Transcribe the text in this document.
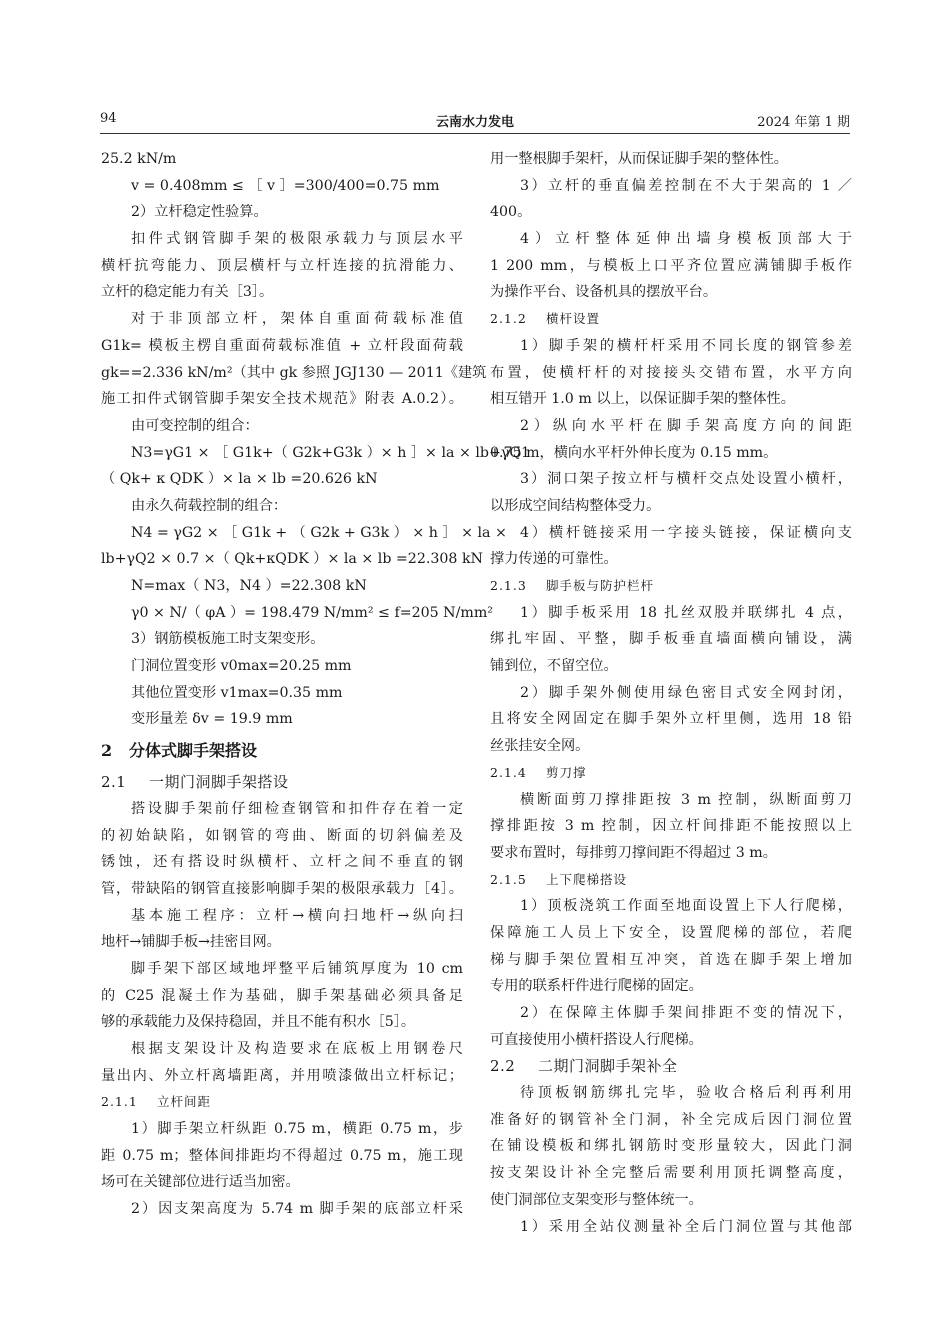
94	云南水力发电	2024 年第 1 期
25.2 kN/m
v = 0.408mm ≤ ［ v ］=300/400=0.75 mm
2）立杆稳定性验算。
扣件式钢管脚手架的极限承载力与顶层水平
横杆抗弯能力、顶层横杆与立杆连接的抗滑能力、
立杆的稳定能力有关［3］。
对于非顶部立杆，架体自重面荷载标准值
G1k= 模板主楞自重面荷载标准值 + 立杆段面荷载
gk==2.336 kN/m²（其中 gk 参照 JGJ130 — 2011《建筑
施工扣件式钢管脚手架安全技术规范》附表 A.0.2）。
由可变控制的组合：
N3=γG1 × ［ G1k+（ G2k+G3k ）× h ］× la × lb+γQ1
（ Qk+ κ QDK ）× la × lb =20.626 kN
由永久荷载控制的组合：
N4 = γG2 × ［ G1k + （ G2k + G3k ） × h ］ × la ×
lb+γQ2 × 0.7 ×（ Qk+κQDK ）× la × lb =22.308 kN
N=max（ N3，N4 ）=22.308 kN
γ0 × N/（ φA ）= 198.479 N/mm² ≤ f=205 N/mm²
3）钢筋模板施工时支架变形。
门洞位置变形 v0max=20.25 mm
其他位置变形 v1max=0.35 mm
变形量差 δv = 19.9 mm
2 分体式脚手架搭设
2.1 一期门洞脚手架搭设
搭设脚手架前仔细检查钢管和扣件存在着一定
的初始缺陷，如钢管的弯曲、断面的切斜偏差及
锈蚀，还有搭设时纵横杆、立杆之间不垂直的钢
管，带缺陷的钢管直接影响脚手架的极限承载力［4］。
基本施工程序：立杆→横向扫地杆→纵向扫
地杆→铺脚手板→挂密目网。
脚手架下部区域地坪整平后铺筑厚度为 10 cm
的 C25 混凝土作为基础，脚手架基础必须具备足
够的承载能力及保持稳固，并且不能有积水［5］。
根据支架设计及构造要求在底板上用钢卷尺
量出内、外立杆离墙距离，并用喷漆做出立杆标记；
2.1.1 立杆间距
1）脚手架立杆纵距 0.75 m，横距 0.75 m，步
距 0.75 m；整体间排距均不得超过 0.75 m，施工现
场可在关键部位进行适当加密。
2）因支架高度为 5.74 m 脚手架的底部立杆采
用一整根脚手架杆，从而保证脚手架的整体性。
3）立杆的垂直偏差控制在不大于架高的 1 ／
400。
4）立杆整体延伸出墙身模板顶部大于
1 200 mm，与模板上口平齐位置应满铺脚手板作
为操作平台、设备机具的摆放平台。
2.1.2 横杆设置
1）脚手架的横杆杆采用不同长度的钢管参差
布置，使横杆杆的对接接头交错布置，水平方向
相互错开 1.0 m 以上，以保证脚手架的整体性。
2）纵向水平杆在脚手架高度方向的间距
0.75 m，横向水平杆外伸长度为 0.15 mm。
3）洞口架子按立杆与横杆交点处设置小横杆，
以形成空间结构整体受力。
4）横杆链接采用一字接头链接，保证横向支
撑力传递的可靠性。
2.1.3 脚手板与防护栏杆
1）脚手板采用 18 扎丝双股并联绑扎 4 点，
绑扎牢固、平整，脚手板垂直墙面横向铺设，满
铺到位，不留空位。
2）脚手架外侧使用绿色密目式安全网封闭，
且将安全网固定在脚手架外立杆里侧，选用 18 铅
丝张挂安全网。
2.1.4 剪刀撑
横断面剪刀撑排距按 3 m 控制，纵断面剪刀
撑排距按 3 m 控制，因立杆间排距不能按照以上
要求布置时，每排剪刀撑间距不得超过 3 m。
2.1.5 上下爬梯搭设
1）顶板浇筑工作面至地面设置上下人行爬梯，
保障施工人员上下安全，设置爬梯的部位，若爬
梯与脚手架位置相互冲突，首选在脚手架上增加
专用的联系杆件进行爬梯的固定。
2）在保障主体脚手架间排距不变的情况下，
可直接使用小横杆搭设人行爬梯。
2.2 二期门洞脚手架补全
待顶板钢筋绑扎完毕，验收合格后利再利用
准备好的钢管补全门洞，补全完成后因门洞位置
在铺设模板和绑扎钢筋时变形量较大，因此门洞
按支架设计补全完整后需要利用顶托调整高度，
使门洞部位支架变形与整体统一。
1）采用全站仪测量补全后门洞位置与其他部
